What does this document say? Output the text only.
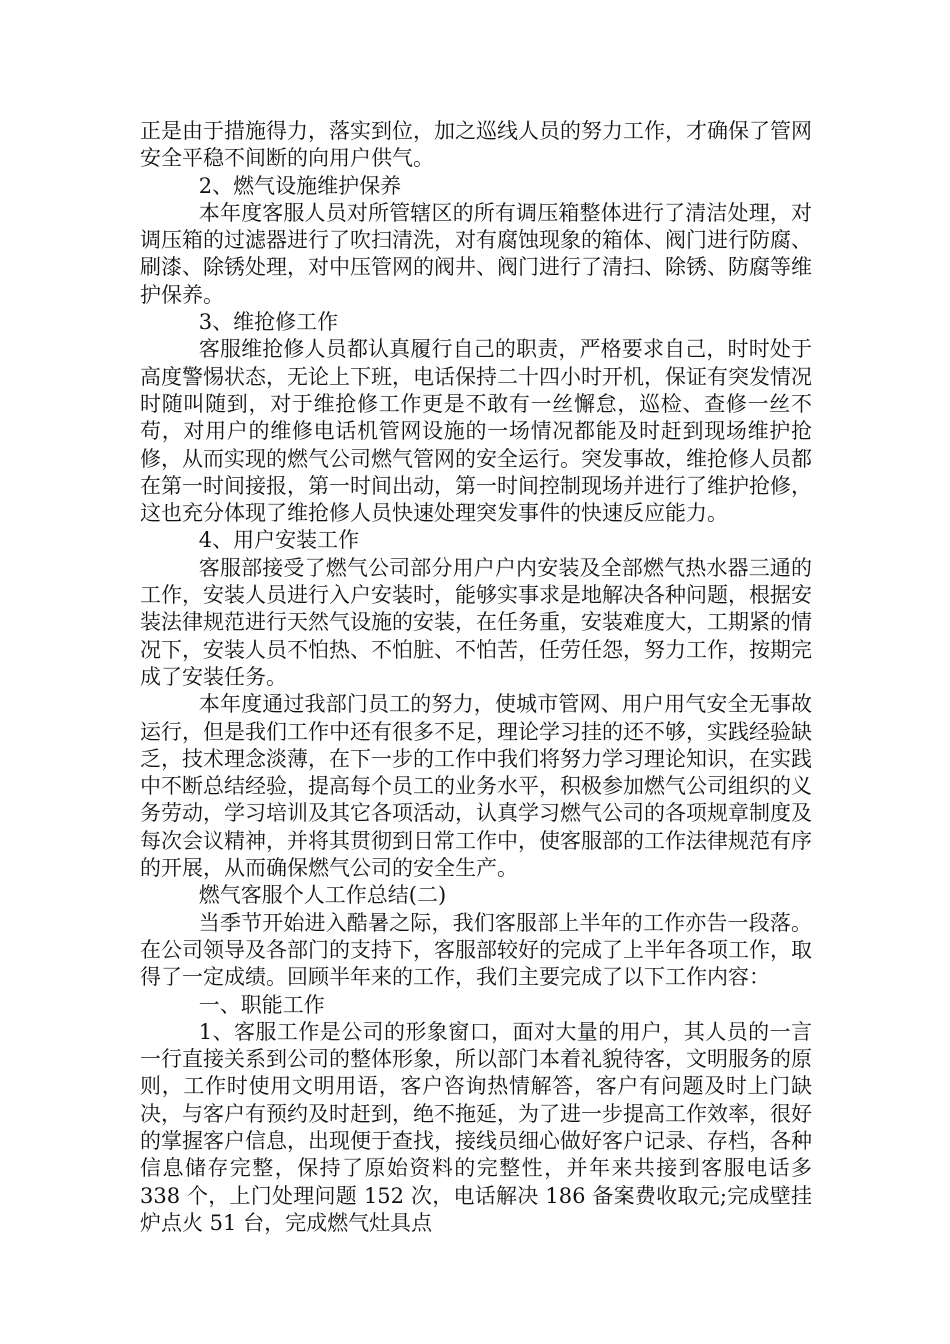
正是由于措施得力，落实到位，加之巡线人员的努力工作，才确保了管网安全平稳不间断的向用户供气。

2、燃气设施维护保养

本年度客服人员对所管辖区的所有调压箱整体进行了清洁处理，对调压箱的过滤器进行了吹扫清洗，对有腐蚀现象的箱体、阀门进行防腐、刷漆、除锈处理，对中压管网的阀井、阀门进行了清扫、除锈、防腐等维护保养。

3、维抢修工作

客服维抢修人员都认真履行自己的职责，严格要求自己，时时处于高度警惕状态，无论上下班，电话保持二十四小时开机，保证有突发情况时随叫随到，对于维抢修工作更是不敢有一丝懈怠，巡检、查修一丝不苟，对用户的维修电话机管网设施的一场情况都能及时赶到现场维护抢修，从而实现的燃气公司燃气管网的安全运行。突发事故，维抢修人员都在第一时间接报，第一时间出动，第一时间控制现场并进行了维护抢修，这也充分体现了维抢修人员快速处理突发事件的快速反应能力。

4、用户安装工作

客服部接受了燃气公司部分用户户内安装及全部燃气热水器三通的工作，安装人员进行入户安装时，能够实事求是地解决各种问题，根据安装法律规范进行天然气设施的安装，在任务重，安装难度大，工期紧的情况下，安装人员不怕热、不怕脏、不怕苦，任劳任怨，努力工作，按期完成了安装任务。

本年度通过我部门员工的努力，使城市管网、用户用气安全无事故运行，但是我们工作中还有很多不足，理论学习挂的还不够，实践经验缺乏，技术理念淡薄，在下一步的工作中我们将努力学习理论知识，在实践中不断总结经验，提高每个员工的业务水平，积极参加燃气公司组织的义务劳动，学习培训及其它各项活动，认真学习燃气公司的各项规章制度及每次会议精神，并将其贯彻到日常工作中，使客服部的工作法律规范有序的开展，从而确保燃气公司的安全生产。

燃气客服个人工作总结(二)

当季节开始进入酷暑之际，我们客服部上半年的工作亦告一段落。在公司领导及各部门的支持下，客服部较好的完成了上半年各项工作，取得了一定成绩。回顾半年来的工作，我们主要完成了以下工作内容：

一、职能工作

1、客服工作是公司的形象窗口，面对大量的用户，其人员的一言一行直接关系到公司的整体形象，所以部门本着礼貌待客，文明服务的原则，工作时使用文明用语，客户咨询热情解答，客户有问题及时上门缺决，与客户有预约及时赶到，绝不拖延，为了进一步提高工作效率，很好的掌握客户信息，出现便于查找，接线员细心做好客户记录、存档，各种信息储存完整，保持了原始资料的完整性，并年来共接到客服电话多 338 个，上门处理问题 152 次，电话解决 186 备案费收取元;完成壁挂炉点火 51 台，完成燃气灶具点
